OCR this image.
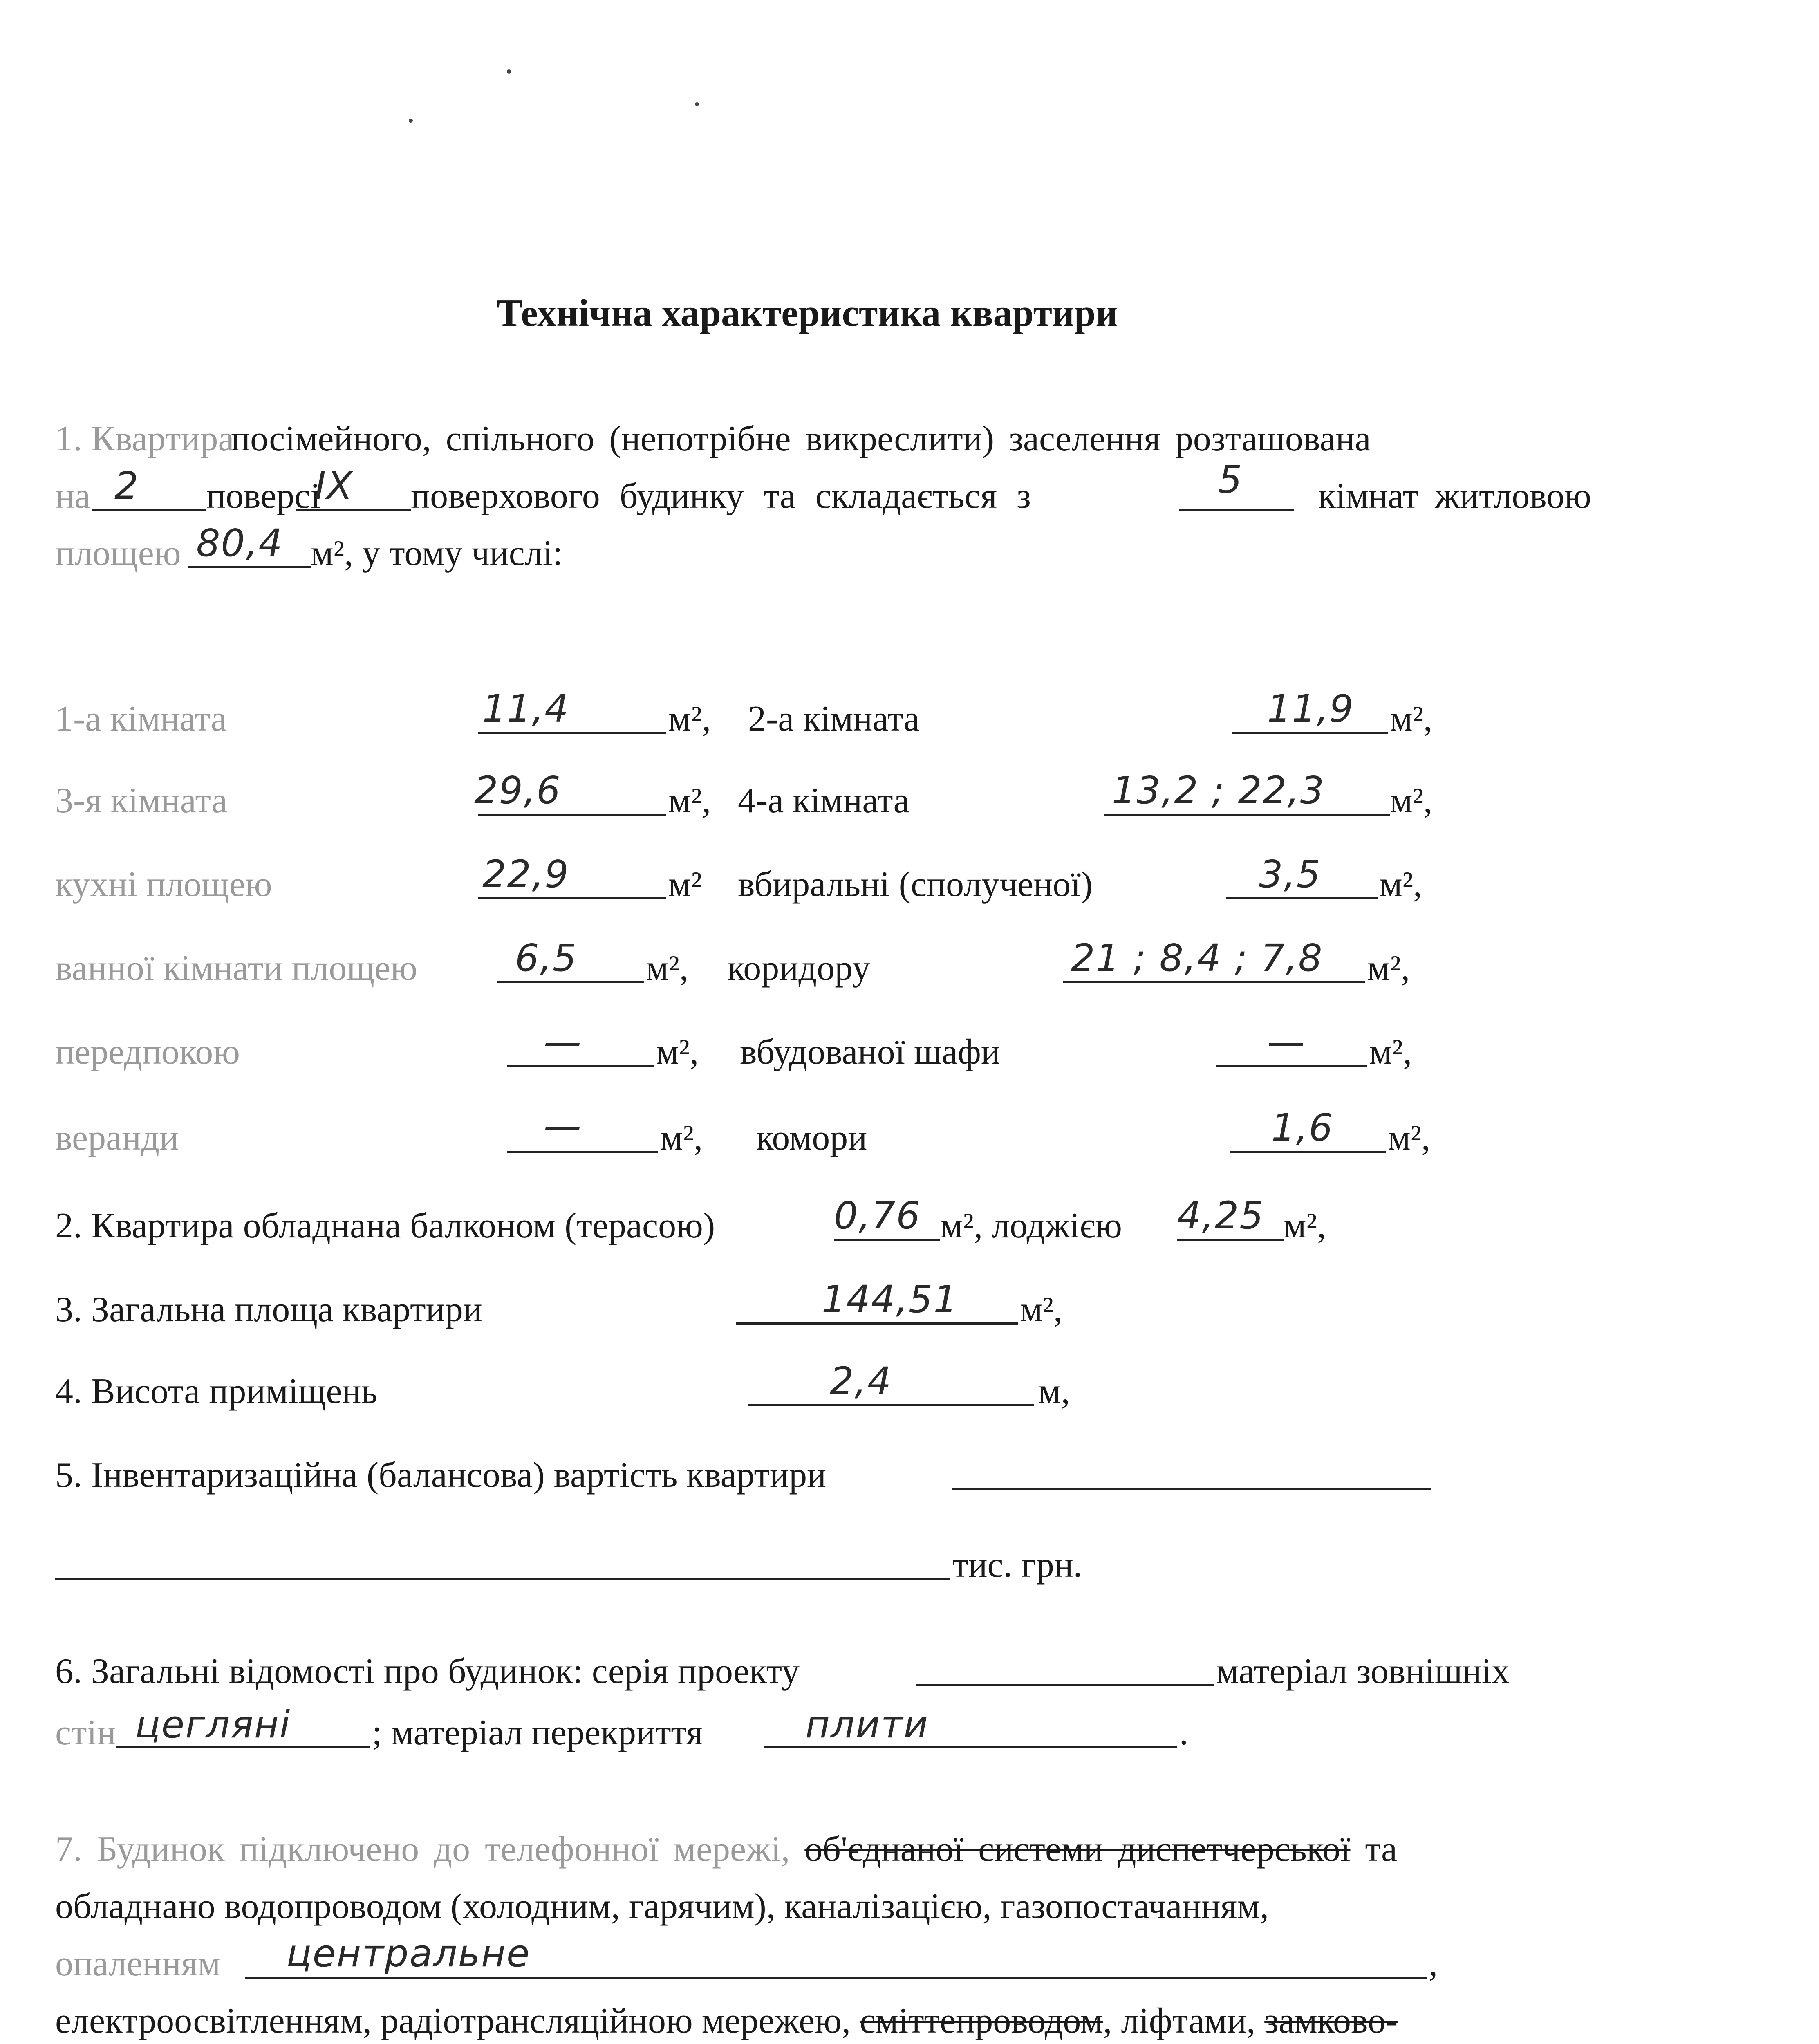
Технічна характеристика квартири
1. Квартира
посімейного, спільного (непотрібне викреслити) заселення розташована
на 2 поверсі
IX поверхового будинку та складається з	5 кімнат житловою
площею 80,4 м², у тому числі:
1-а кімната	11,4	м², 2-а кімната	11,9 м²,
3-я кімната	29,6	м², 4-а кімната	13,2 ; 22,3 м²,
кухні площею	22,9	м² вбиральні (сполученої)	3,5 м²,
ванної кімнати площею	6,5 м², коридору	21 ; 8,4 ; 7,8 м²,
передпокою	— м², вбудованої шафи	— м²,
веранди	— м², комори	1,6 м²,
2. Квартира обладнана балконом (терасою)	0,76 м², лоджією 4,25 м²,
3. Загальна площа квартири	144,51 м²,
4. Висота приміщень	2,4	м,
5. Інвентаризаційна (балансова) вартість квартири
тис. грн.
6. Загальні відомості про будинок: серія проекту	матеріал зовнішніх
стін цегляні ; матеріал перекриття	плити	.
7. Будинок підключено до телефонної мережі, об'єднаної системи диспетчерської та
обладнано водопроводом (холодним, гарячим), каналізацією, газопостачанням,
опаленням центральне	,
електроосвітленням, радіотрансляційною мережею, сміттепроводом, ліфтами, замково-
